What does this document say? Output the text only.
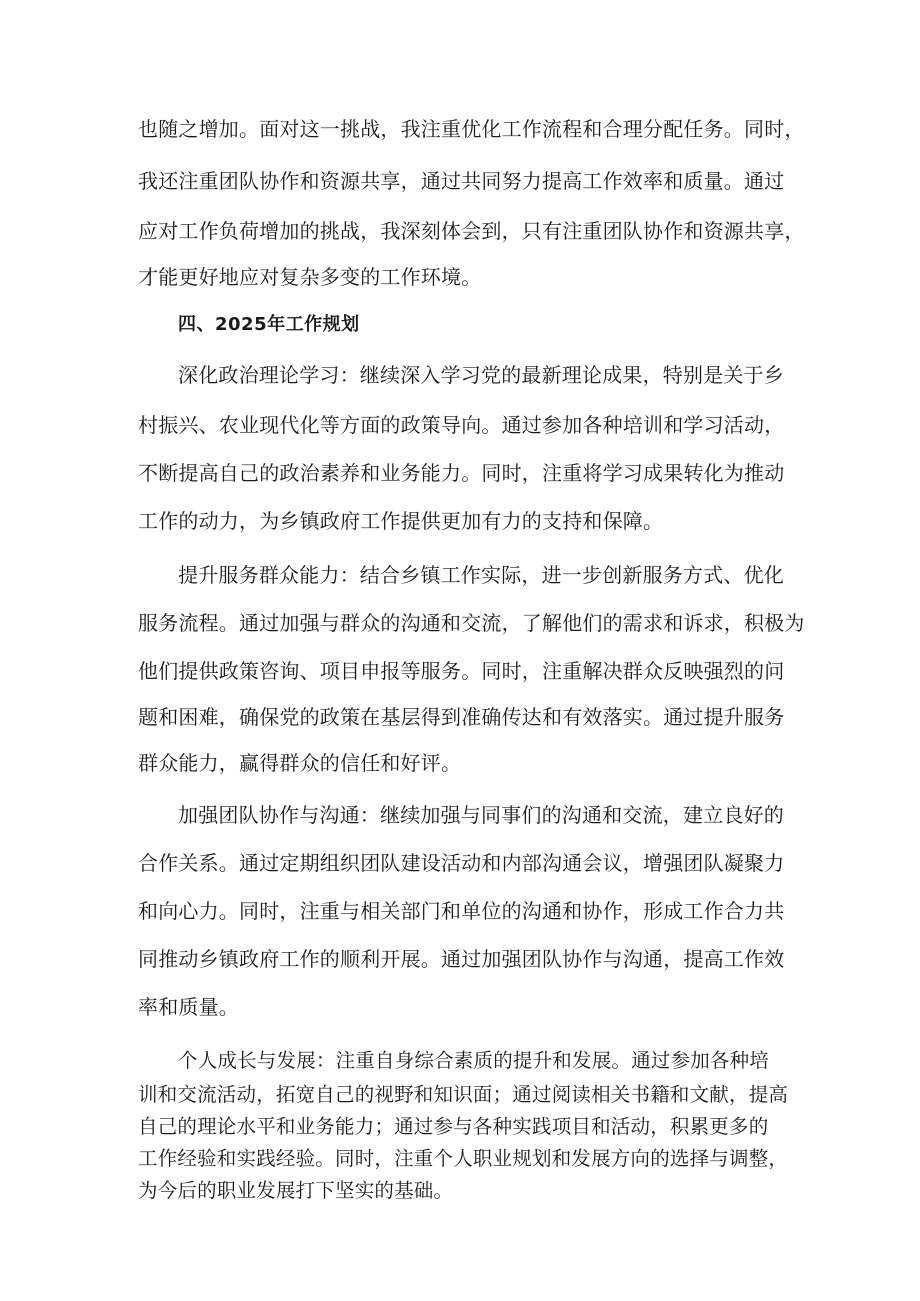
也随之增加。面对这一挑战，我注重优化工作流程和合理分配任务。同时，

我还注重团队协作和资源共享，通过共同努力提高工作效率和质量。通过

应对工作负荷增加的挑战，我深刻体会到，只有注重团队协作和资源共享，

才能更好地应对复杂多变的工作环境。

四、2025年工作规划

深化政治理论学习：继续深入学习党的最新理论成果，特别是关于乡

村振兴、农业现代化等方面的政策导向。通过参加各种培训和学习活动，

不断提高自己的政治素养和业务能力。同时，注重将学习成果转化为推动

工作的动力，为乡镇政府工作提供更加有力的支持和保障。

提升服务群众能力：结合乡镇工作实际，进一步创新服务方式、优化

服务流程。通过加强与群众的沟通和交流，了解他们的需求和诉求，积极为

他们提供政策咨询、项目申报等服务。同时，注重解决群众反映强烈的问

题和困难，确保党的政策在基层得到准确传达和有效落实。通过提升服务

群众能力，赢得群众的信任和好评。

加强团队协作与沟通：继续加强与同事们的沟通和交流，建立良好的

合作关系。通过定期组织团队建设活动和内部沟通会议，增强团队凝聚力

和向心力。同时，注重与相关部门和单位的沟通和协作，形成工作合力共

同推动乡镇政府工作的顺利开展。通过加强团队协作与沟通，提高工作效

率和质量。

个人成长与发展：注重自身综合素质的提升和发展。通过参加各种培

训和交流活动，拓宽自己的视野和知识面；通过阅读相关书籍和文献，提高

自己的理论水平和业务能力；通过参与各种实践项目和活动，积累更多的

工作经验和实践经验。同时，注重个人职业规划和发展方向的选择与调整，

为今后的职业发展打下坚实的基础。
